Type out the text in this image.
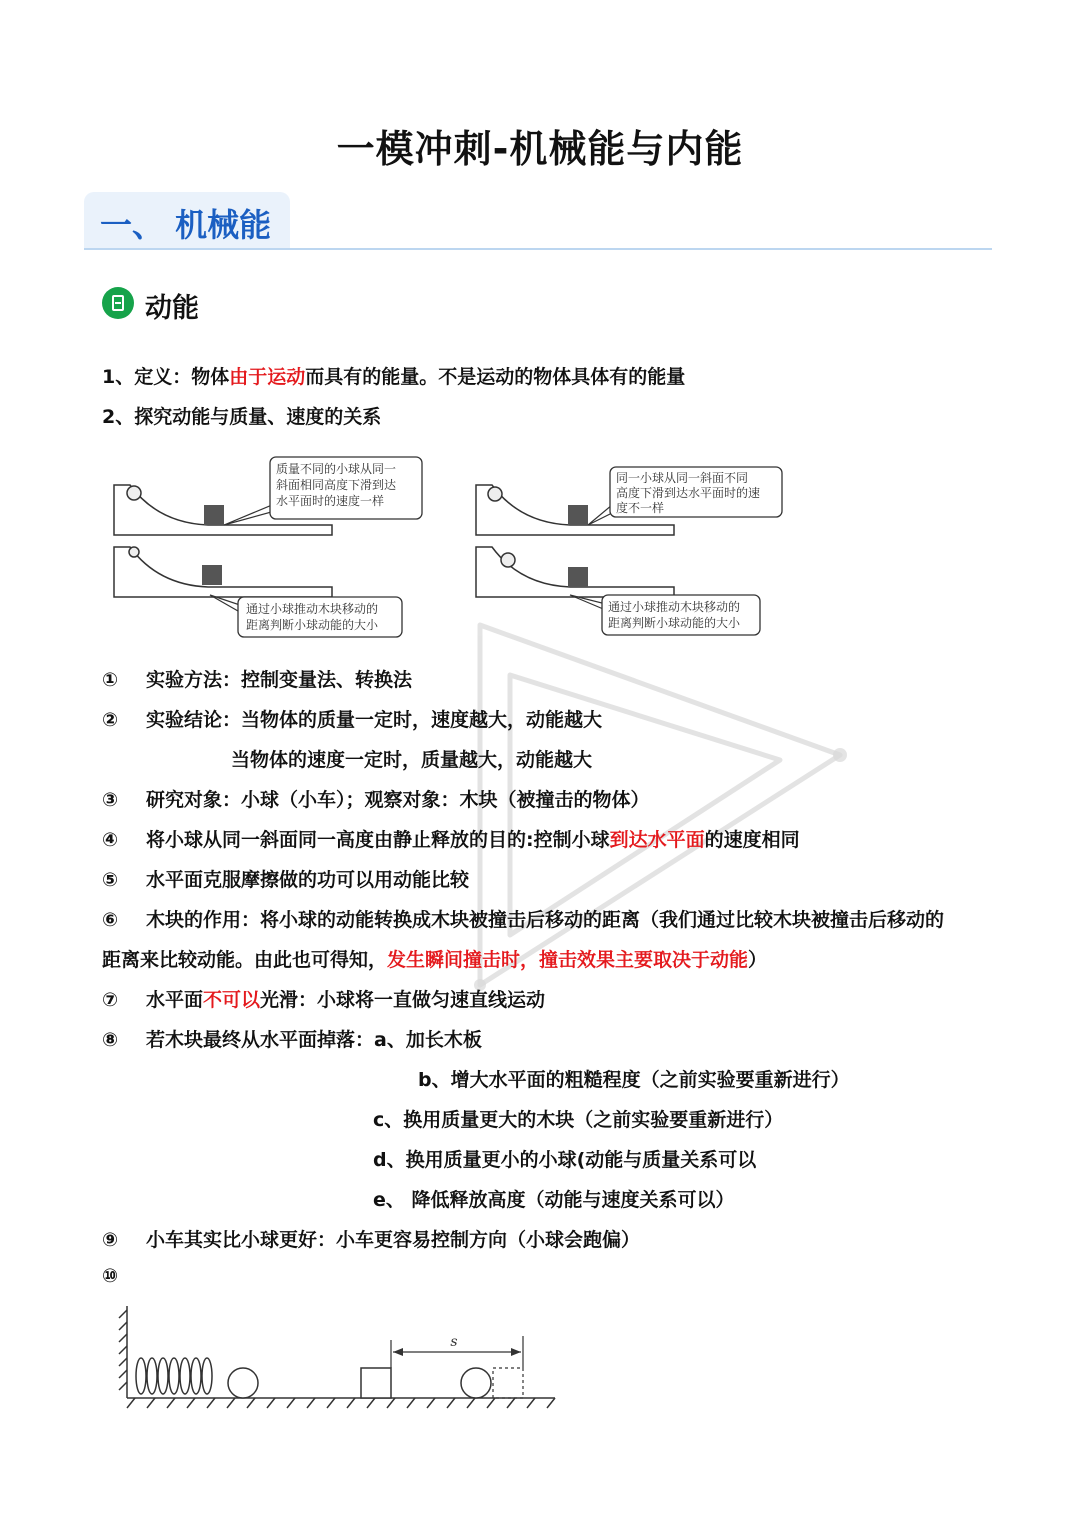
一模冲刺-机械能与内能
一、 机械能
动能
1、定义：物体由于运动而具有的能量。不是运动的物体具体有的能量
2、探究动能与质量、速度的关系
质量不同的小球从同一 斜面相同高度下滑到达 水平面时的速度一样
通过小球推动木块移动的 距离判断小球动能的大小
同一小球从同一斜面不同 高度下滑到达水平面时的速 度不一样
通过小球推动木块移动的 距离判断小球动能的大小
① 实验方法：控制变量法、转换法
② 实验结论：当物体的质量一定时，速度越大，动能越大
当物体的速度一定时，质量越大，动能越大
③ 研究对象：小球（小车）；观察对象：木块（被撞击的物体）
④ 将小球从同一斜面同一高度由静止释放的目的:控制小球到达水平面的速度相同
⑤ 水平面克服摩擦做的功可以用动能比较
⑥ 木块的作用：将小球的动能转换成木块被撞击后移动的距离（我们通过比较木块被撞击后移动的
距离来比较动能。由此也可得知，发生瞬间撞击时，撞击效果主要取决于动能）
⑦ 水平面不可以光滑：小球将一直做匀速直线运动
⑧ 若木块最终从水平面掉落：a、加长木板
b、增大水平面的粗糙程度（之前实验要重新进行）
c、换用质量更大的木块（之前实验要重新进行）
d、换用质量更小的小球(动能与质量关系可以
e、 降低释放高度（动能与速度关系可以）
⑨ 小车其实比小球更好：小车更容易控制方向（小球会跑偏）
⑩
s
